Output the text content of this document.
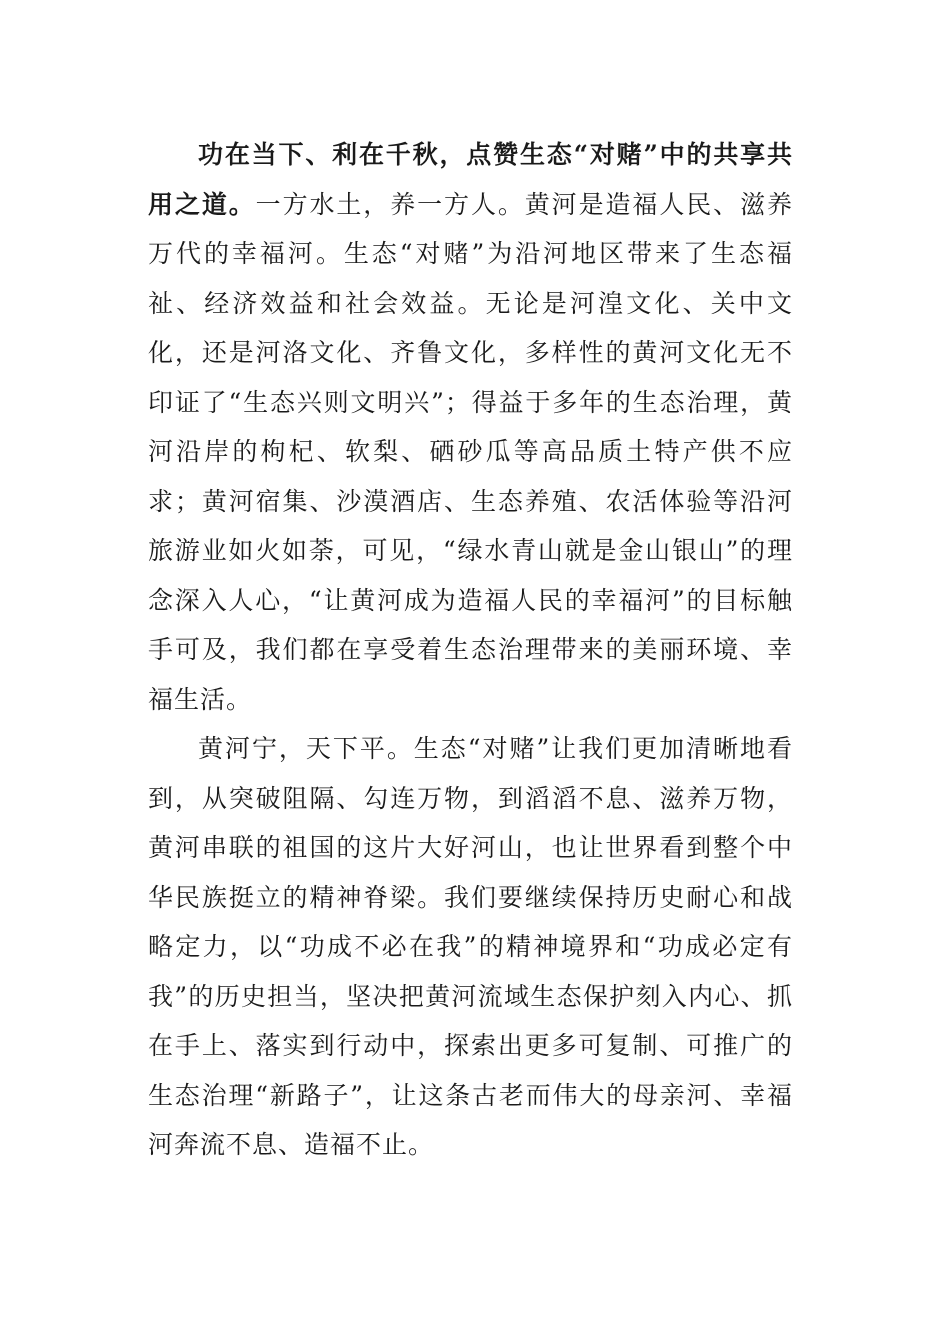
功在当下、利在千秋，点赞生态“对赌”中的共享共用之道。一方水土，养一方人。黄河是造福人民、滋养万代的幸福河。生态“对赌”为沿河地区带来了生态福祉、经济效益和社会效益。无论是河湟文化、关中文化，还是河洛文化、齐鲁文化，多样性的黄河文化无不印证了“生态兴则文明兴”；得益于多年的生态治理，黄河沿岸的枸杞、软梨、硒砂瓜等高品质土特产供不应求；黄河宿集、沙漠酒店、生态养殖、农活体验等沿河旅游业如火如荼，可见，“绿水青山就是金山银山”的理念深入人心，“让黄河成为造福人民的幸福河”的目标触手可及，我们都在享受着生态治理带来的美丽环境、幸福生活。

黄河宁，天下平。生态“对赌”让我们更加清晰地看到，从突破阻隔、勾连万物，到滔滔不息、滋养万物，黄河串联的祖国的这片大好河山，也让世界看到整个中华民族挺立的精神脊梁。我们要继续保持历史耐心和战略定力，以“功成不必在我”的精神境界和“功成必定有我”的历史担当，坚决把黄河流域生态保护刻入内心、抓在手上、落实到行动中，探索出更多可复制、可推广的生态治理“新路子”，让这条古老而伟大的母亲河、幸福河奔流不息、造福不止。
